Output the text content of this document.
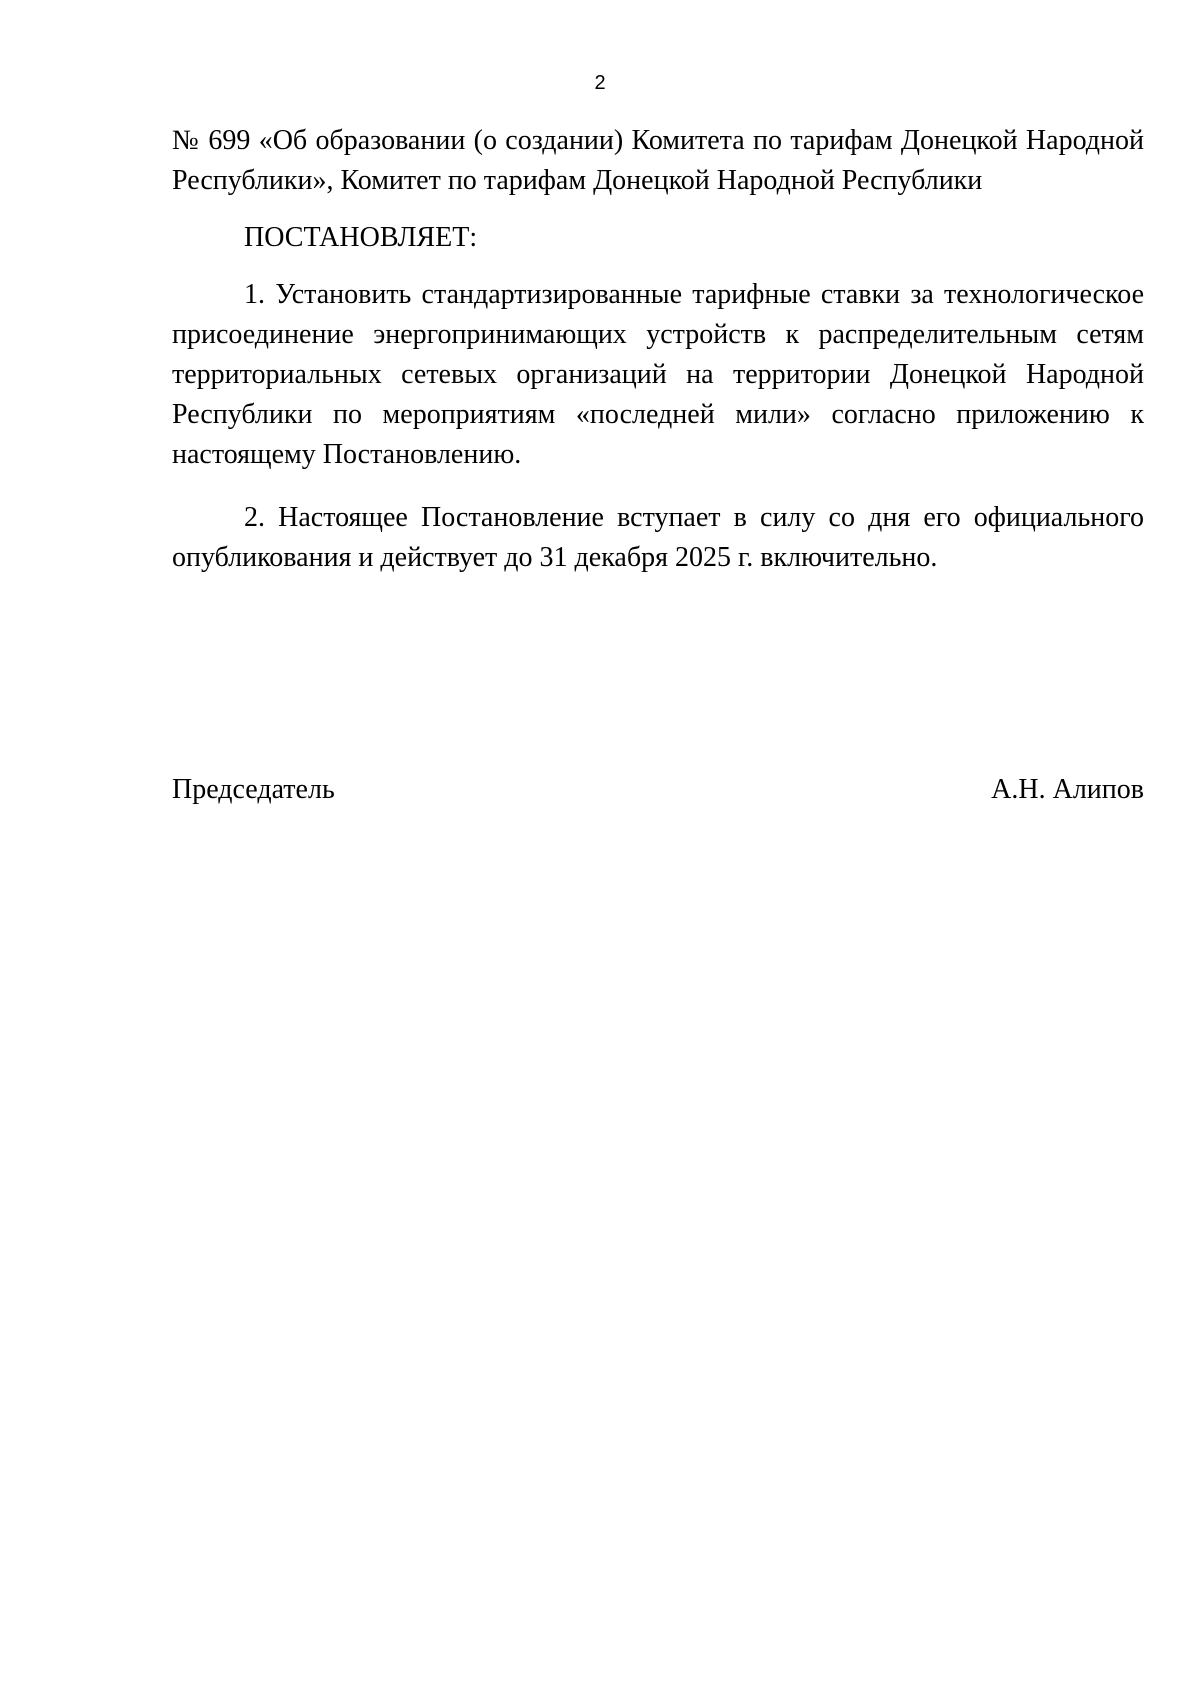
2

№ 699 «Об образовании (о создании) Комитета по тарифам Донецкой Народной Республики», Комитет по тарифам Донецкой Народной Республики

ПОСТАНОВЛЯЕТ:

1. Установить стандартизированные тарифные ставки за технологическое присоединение энергопринимающих устройств к распределительным сетям территориальных сетевых организаций на территории Донецкой Народной Республики по мероприятиям «последней мили» согласно приложению к настоящему Постановлению.

2. Настоящее Постановление вступает в силу со дня его официального опубликования и действует до 31 декабря 2025 г. включительно.

Председатель	А.Н. Алипов
